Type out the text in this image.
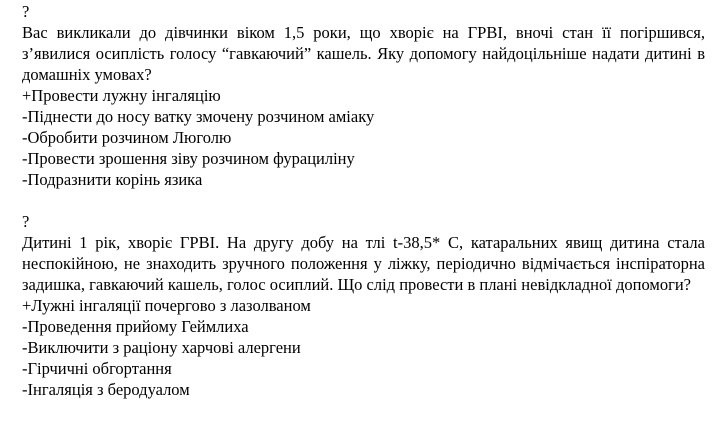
?

Вас викликали до дівчинки віком 1,5 роки, що хворіє на ГРВІ, вночі стан її погіршився, з’явилися осиплість голосу “гавкаючий” кашель. Яку допомогу найдоцільніше надати дитині в домашніх умовах?

+Провести лужну інгаляцію

-Піднести до носу ватку змочену розчином аміаку

-Обробити розчином Люголю

-Провести зрошення зіву розчином фурациліну

-Подразнити корінь язика

?

Дитині 1 рік, хворіє ГРВІ. На другу добу на тлі t-38,5* С, катаральних явищ дитина стала неспокійною, не знаходить зручного положення у ліжку, періодично відмічається інспіраторна задишка, гавкаючий кашель, голос осиплий. Що слід провести в плані невідкладної допомоги?

+Лужні інгаляції почергово з лазолваном

-Проведення прийому Геймлиха

-Виключити з раціону харчові алергени

-Гірчичні обгортання

-Інгаляція з беродуалом
